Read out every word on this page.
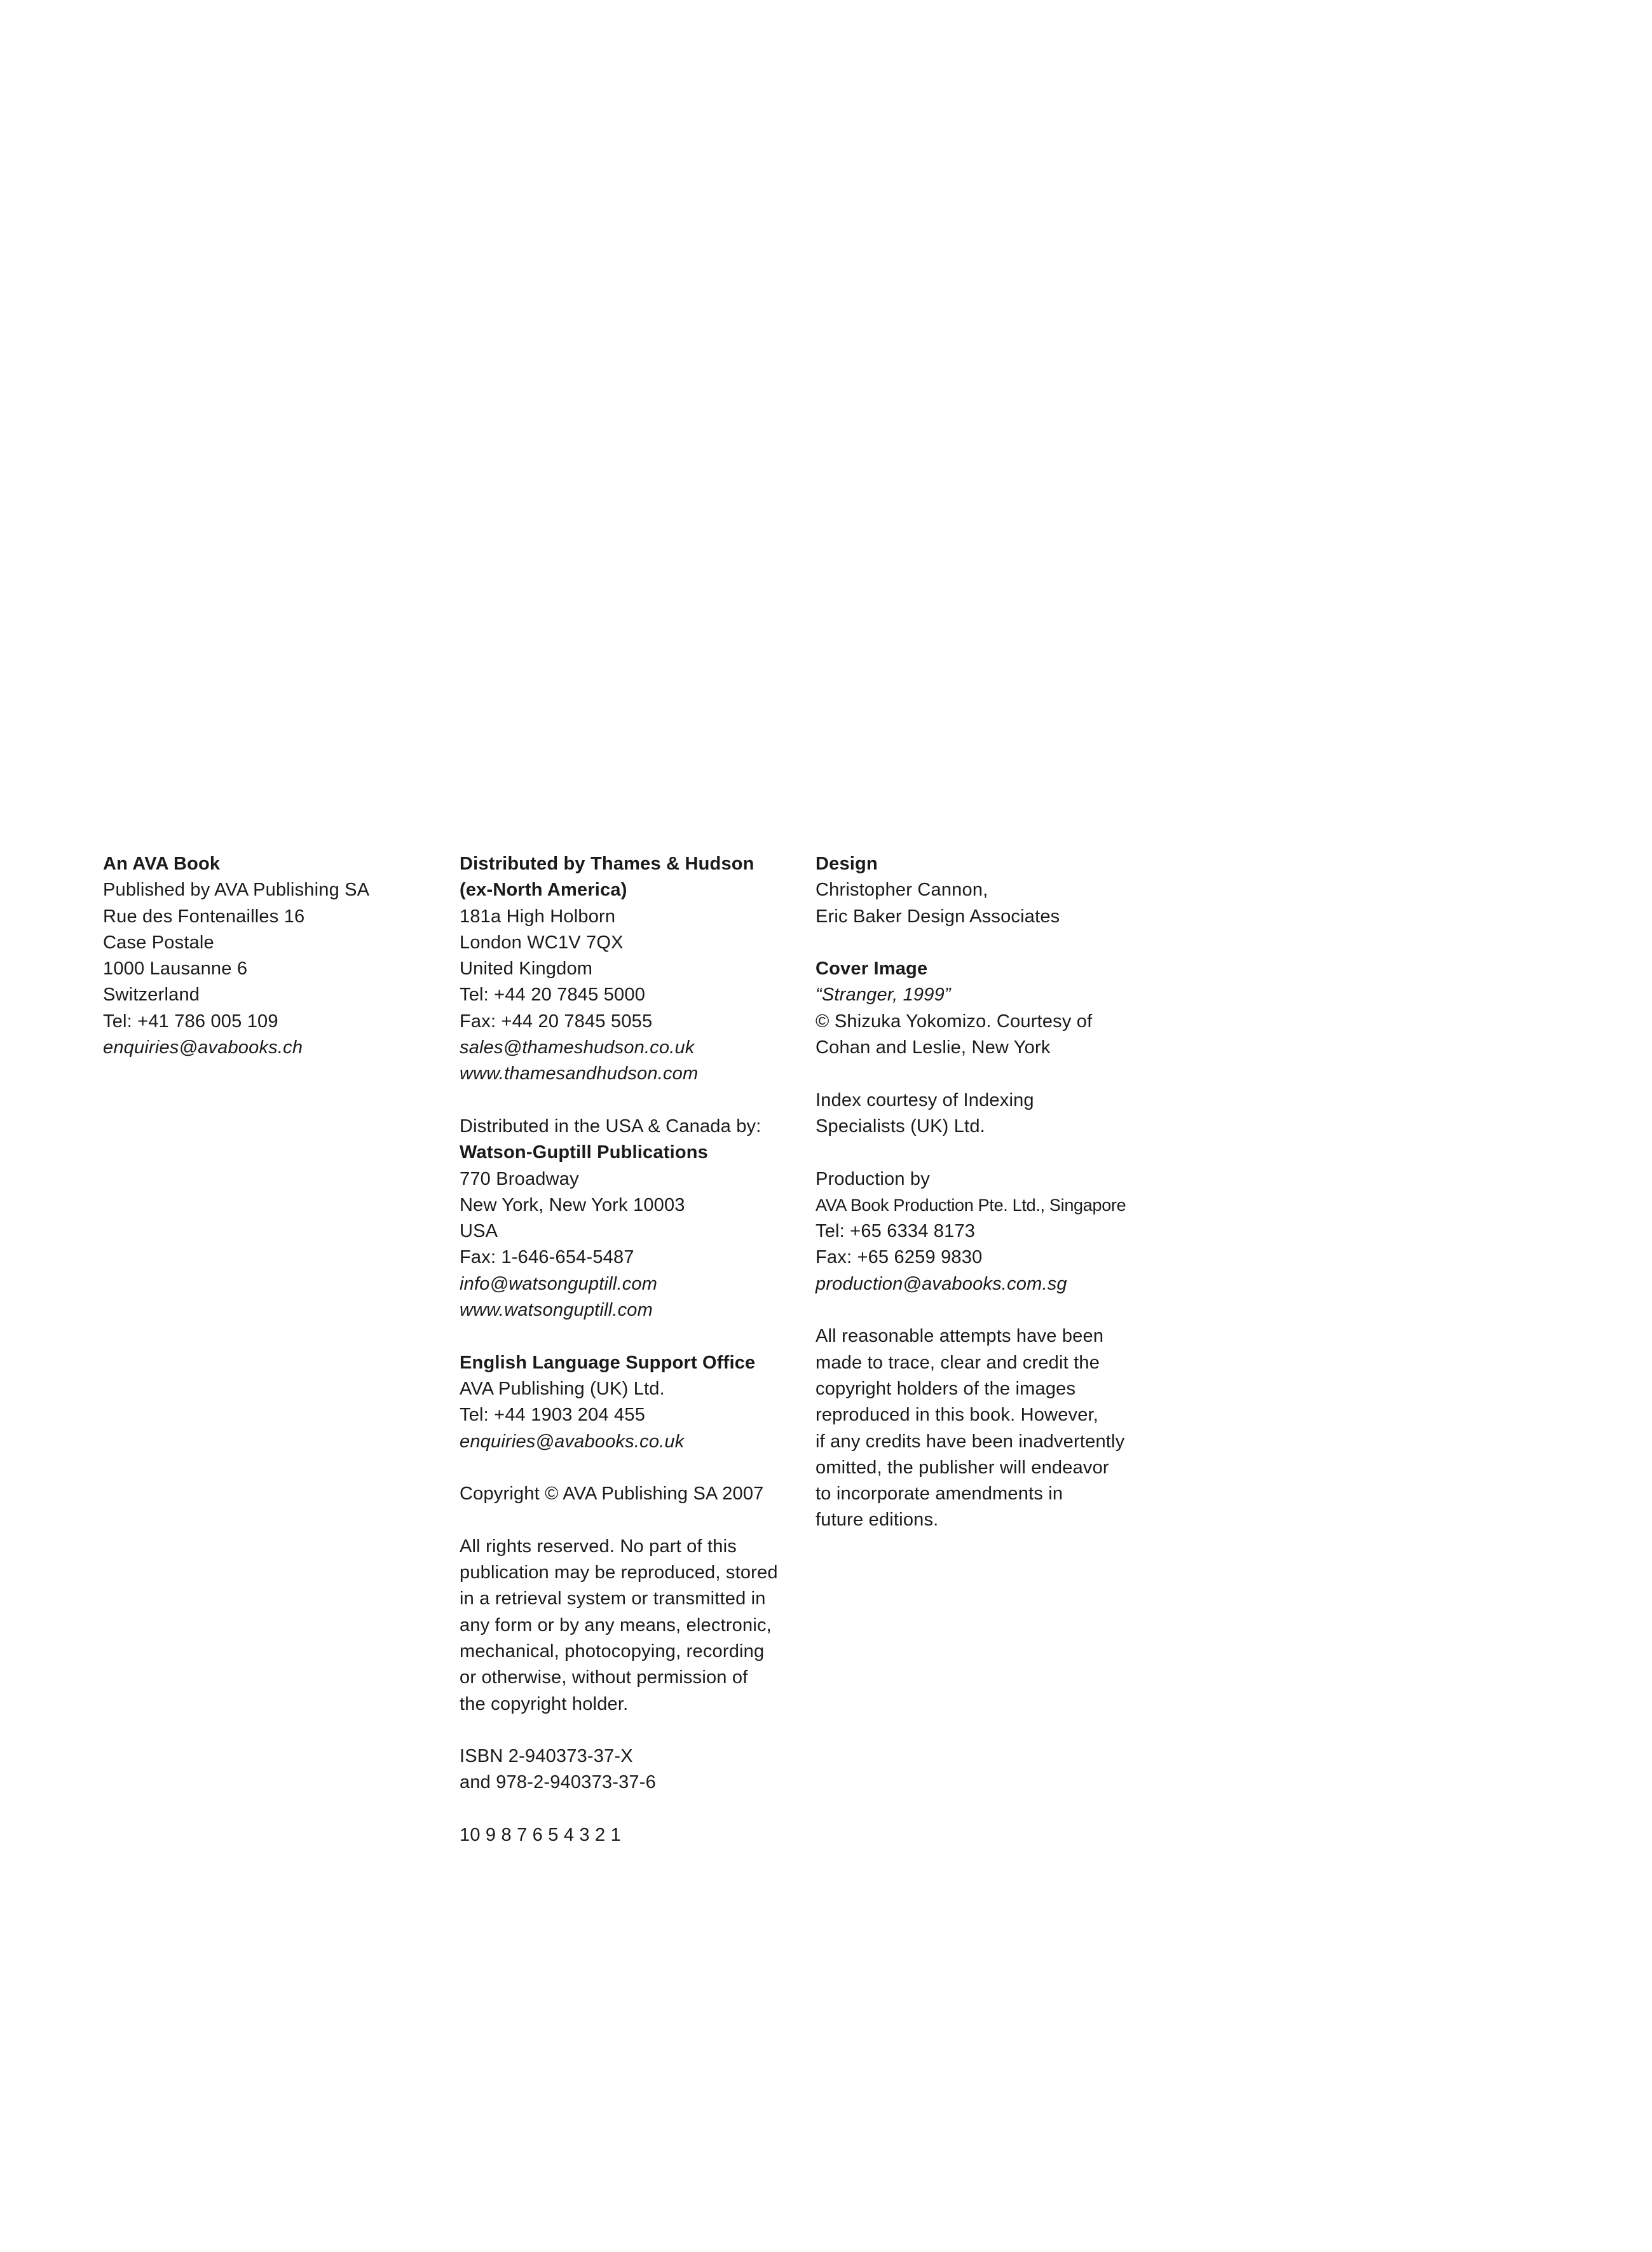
An AVA Book
Published by AVA Publishing SA
Rue des Fontenailles 16
Case Postale
1000 Lausanne 6
Switzerland
Tel: +41 786 005 109
enquiries@avabooks.ch
Distributed by Thames & Hudson
(ex-North America)
181a High Holborn
London WC1V 7QX
United Kingdom
Tel: +44 20 7845 5000
Fax: +44 20 7845 5055
sales@thameshudson.co.uk
www.thamesandhudson.com
Distributed in the USA & Canada by:
Watson-Guptill Publications
770 Broadway
New York, New York 10003
USA
Fax: 1-646-654-5487
info@watsonguptill.com
www.watsonguptill.com
English Language Support Office
AVA Publishing (UK) Ltd.
Tel: +44 1903 204 455
enquiries@avabooks.co.uk
Copyright © AVA Publishing SA 2007
All rights reserved. No part of this
publication may be reproduced, stored
in a retrieval system or transmitted in
any form or by any means, electronic,
mechanical, photocopying, recording
or otherwise, without permission of
the copyright holder.
ISBN 2-940373-37-X
and 978-2-940373-37-6
10 9 8 7 6 5 4 3 2 1
Design
Christopher Cannon,
Eric Baker Design Associates
Cover Image
“Stranger, 1999”
© Shizuka Yokomizo. Courtesy of
Cohan and Leslie, New York
Index courtesy of Indexing
Specialists (UK) Ltd.
Production by
AVA Book Production Pte. Ltd., Singapore
Tel: +65 6334 8173
Fax: +65 6259 9830
production@avabooks.com.sg
All reasonable attempts have been
made to trace, clear and credit the
copyright holders of the images
reproduced in this book. However,
if any credits have been inadvertently
omitted, the publisher will endeavor
to incorporate amendments in
future editions.
